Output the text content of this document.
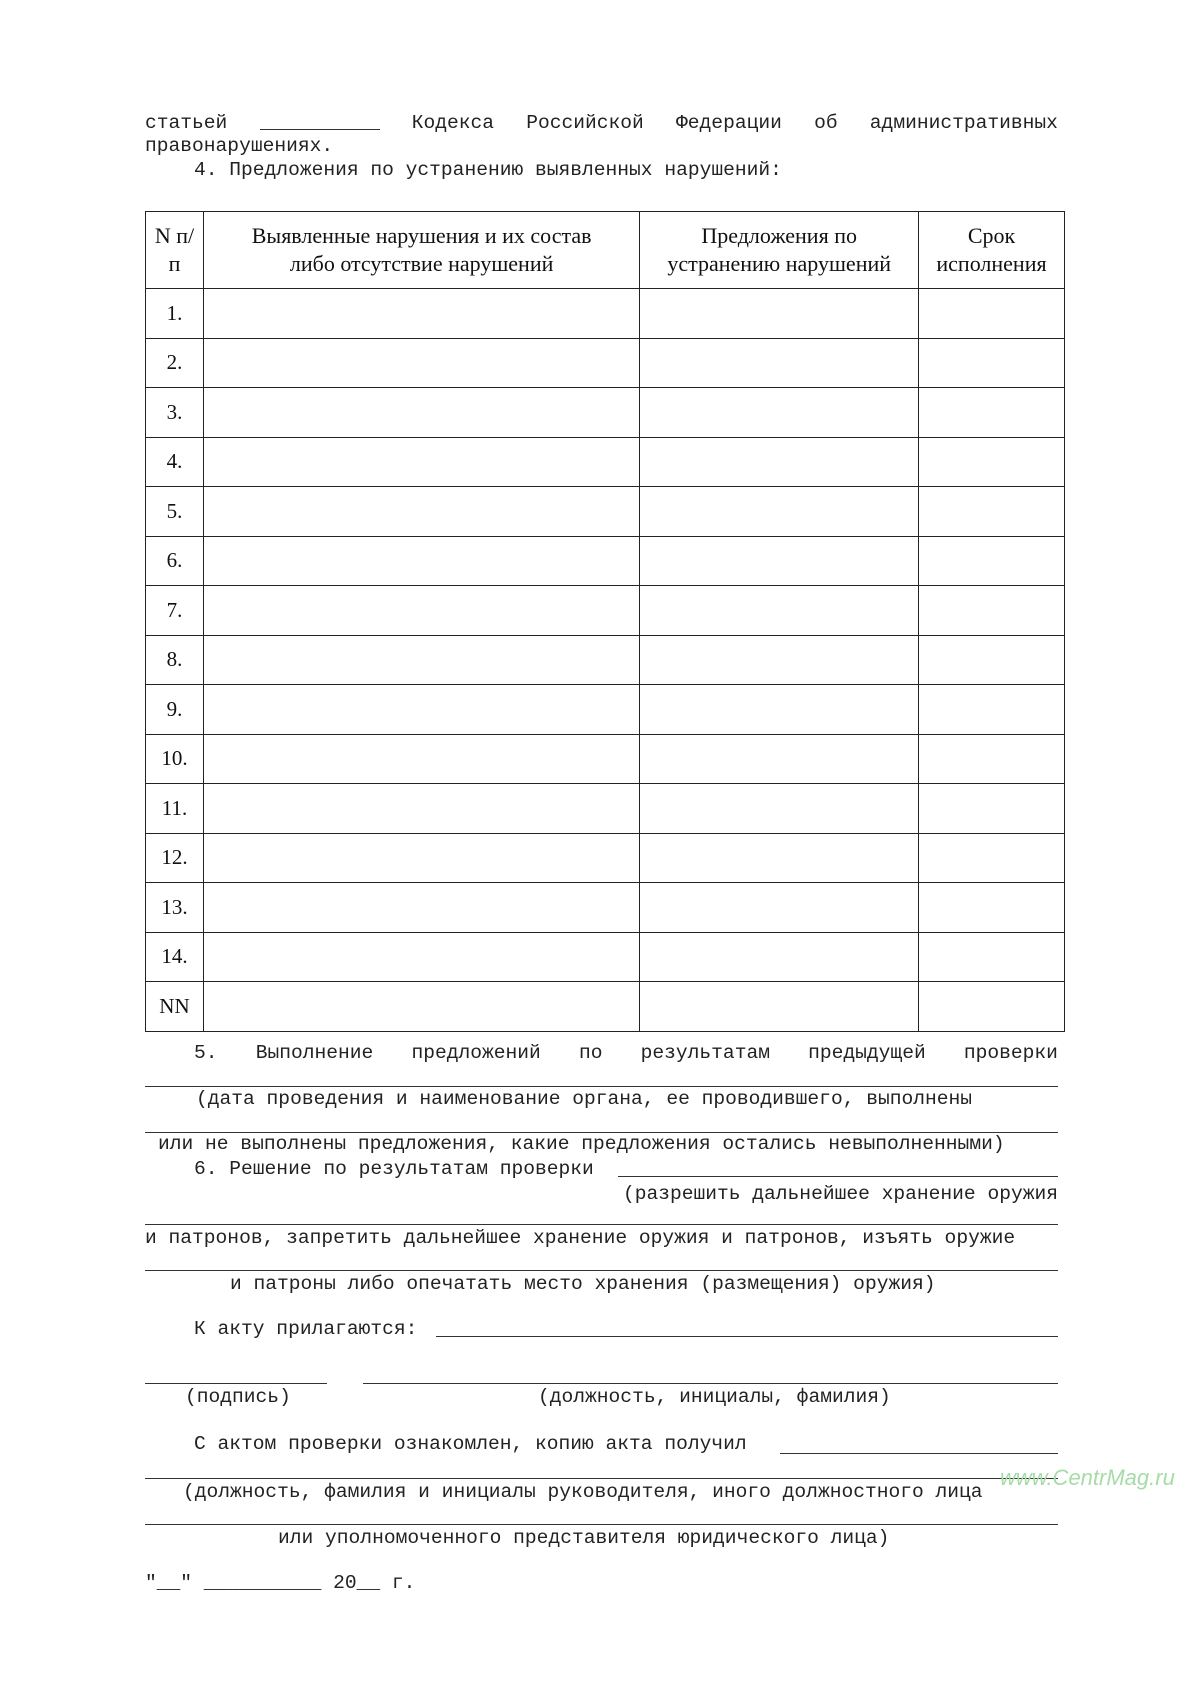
статьей	Кодекса Российской Федерации об административных
правонарушениях.
4. Предложения по устранению выявленных нарушений:
N п/п	Выявленные нарушения и их состав либо отсутствие нарушений	Предложения по устранению нарушений	Срок исполнения
1.			
2.			
3.			
4.			
5.			
6.			
7.			
8.			
9.			
10.			
11.			
12.			
13.			
14.			
NN			
5. Выполнение предложений по результатам предыдущей проверки
(дата проведения и наименование органа, ее проводившего, выполнены
или не выполнены предложения, какие предложения остались невыполненными)
6. Решение по результатам проверки
(разрешить дальнейшее хранение оружия
и патронов, запретить дальнейшее хранение оружия и патронов, изъять оружие
и патроны либо опечатать место хранения (размещения) оружия)
К акту прилагаются:
(подпись)	(должность, инициалы, фамилия)
С актом проверки ознакомлен, копию акта получил
(должность, фамилия и инициалы руководителя, иного должностного лица
или уполномоченного представителя юридического лица)
"__" __________ 20__ г.
www.CentrMag.ru
